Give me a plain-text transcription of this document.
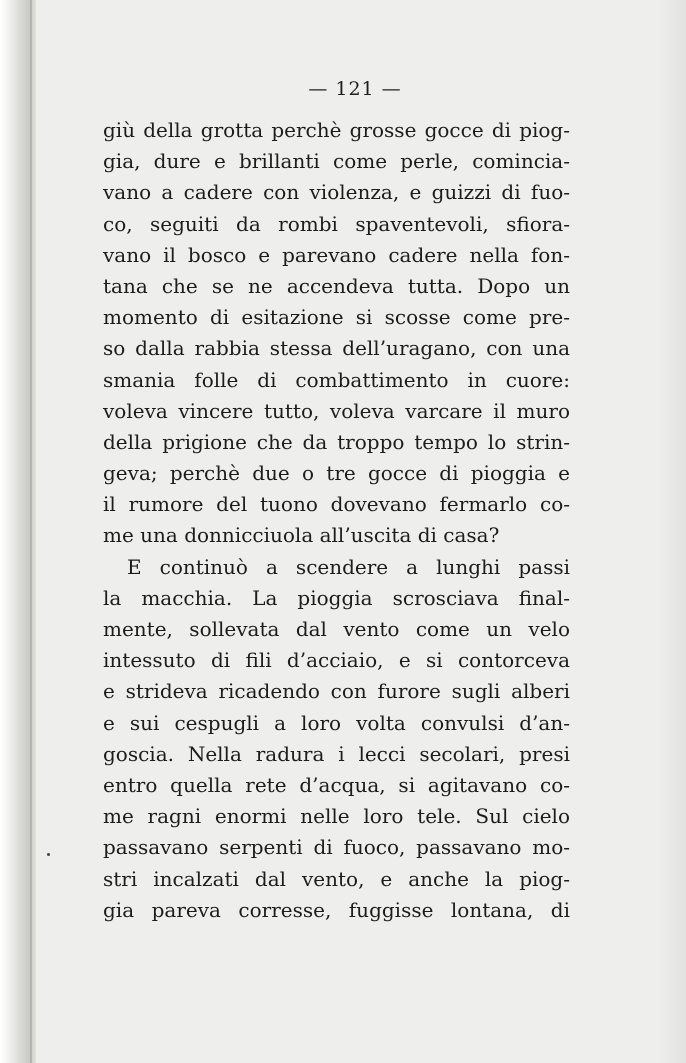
— 121 —
giù della grotta perchè grosse gocce di piog-
gia, dure e brillanti come perle, comincia-
vano a cadere con violenza, e guizzi di fuo-
co, seguiti da rombi spaventevoli, sfiora-
vano il bosco e parevano cadere nella fon-
tana che se ne accendeva tutta. Dopo un
momento di esitazione si scosse come pre-
so dalla rabbia stessa dell’uragano, con una
smania folle di combattimento in cuore:
voleva vincere tutto, voleva varcare il muro
della prigione che da troppo tempo lo strin-
geva; perchè due o tre gocce di pioggia e
il rumore del tuono dovevano fermarlo co-
me una donnicciuola all’uscita di casa?
E continuò a scendere a lunghi passi
la macchia. La pioggia scrosciava final-
mente, sollevata dal vento come un velo
intessuto di fili d’acciaio, e si contorceva
e strideva ricadendo con furore sugli alberi
e sui cespugli a loro volta convulsi d’an-
goscia. Nella radura i lecci secolari, presi
entro quella rete d’acqua, si agitavano co-
me ragni enormi nelle loro tele. Sul cielo
passavano serpenti di fuoco, passavano mo-
stri incalzati dal vento, e anche la piog-
gia pareva corresse, fuggisse lontana, di
